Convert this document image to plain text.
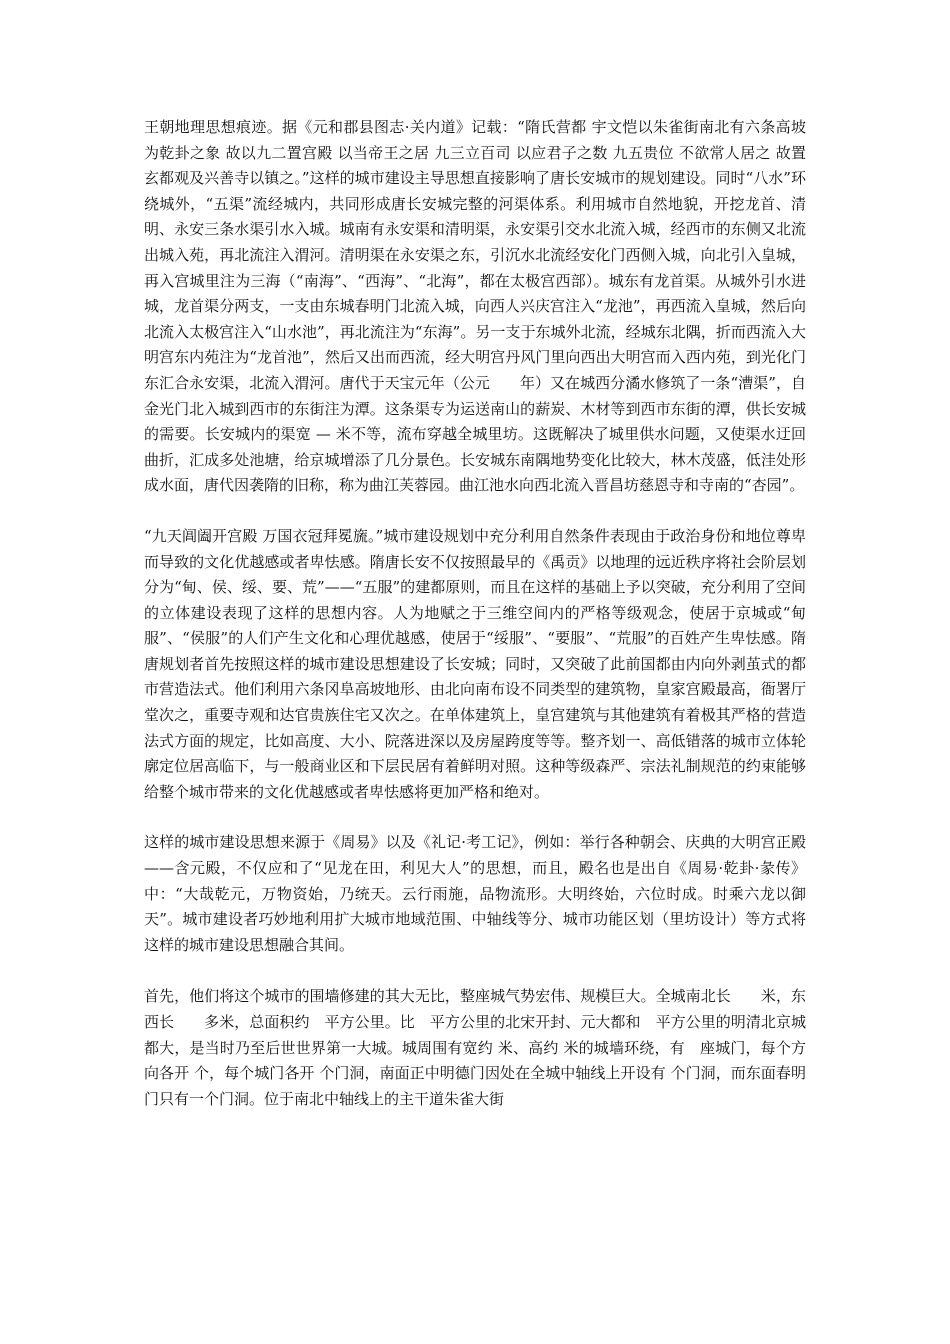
王朝地理思想痕迹。据《元和郡县图志·关内道》记载：“隋氏营都 宇文恺以朱雀街南北有六条高坡 为乾卦之象 故以九二置宫殿 以当帝王之居 九三立百司 以应君子之数 九五贵位 不欲常人居之 故置玄都观及兴善寺以镇之。”这样的城市建设主导思想直接影响了唐长安城市的规划建设。同时“八水”环绕城外，“五渠”流经城内，共同形成唐长安城完整的河渠体系。利用城市自然地貌，开挖龙首、清明、永安三条水渠引水入城。城南有永安渠和清明渠，永安渠引交水北流入城，经西市的东侧又北流出城入苑，再北流注入渭河。清明渠在永安渠之东，引沉水北流经安化门西侧入城，向北引入皇城，再入宫城里注为三海（“南海”、“西海”、“北海”，都在太极宫西部）。城东有龙首渠。从城外引水进城，龙首渠分两支，一支由东城春明门北流入城，向西人兴庆宫注入“龙池”，再西流入皇城，然后向北流入太极宫注入“山水池”，再北流注为“东海”。另一支于东城外北流，经城东北隅，折而西流入大明宫东内苑注为“龙首池”，然后又出而西流，经大明宫丹风门里向西出大明宫而入西内苑，到光化门东汇合永安渠，北流入渭河。唐代于天宝元年（公元　　年）又在城西分潏水修筑了一条“漕渠”，自金光门北入城到西市的东街注为潭。这条渠专为运送南山的薪炭、木材等到西市东街的潭，供长安城的需要。长安城内的渠宽 — 米不等，流布穿越全城里坊。这既解决了城里供水问题，又使渠水迂回曲折，汇成多处池塘，给京城增添了几分景色。长安城东南隅地势变化比较大，林木茂盛，低洼处形成水面，唐代因袭隋的旧称，称为曲江芙蓉园。曲江池水向西北流入晋昌坊慈恩寺和寺南的“杏园”。

“九天阊阖开宫殿 万国衣冠拜冕旒。”城市建设规划中充分利用自然条件表现由于政治身份和地位尊卑而导致的文化优越感或者卑怯感。隋唐长安不仅按照最早的《禹贡》以地理的远近秩序将社会阶层划分为“甸、侯、绥、要、荒”——“五服”的建都原则，而且在这样的基础上予以突破，充分利用了空间的立体建设表现了这样的思想内容。人为地赋之于三维空间内的严格等级观念，使居于京城或“甸服”、“侯服”的人们产生文化和心理优越感，使居于“绥服”、“要服”、“荒服”的百姓产生卑怯感。隋唐规划者首先按照这样的城市建设思想建设了长安城；同时，又突破了此前国都由内向外剥茧式的都市营造法式。他们利用六条冈阜高坡地形、由北向南布设不同类型的建筑物，皇家宫殿最高，衙署厅堂次之，重要寺观和达官贵族住宅又次之。在单体建筑上，皇宫建筑与其他建筑有着极其严格的营造法式方面的规定，比如高度、大小、院落进深以及房屋跨度等等。整齐划一、高低错落的城市立体轮廓定位居高临下，与一般商业区和下层民居有着鲜明对照。这种等级森严、宗法礼制规范的约束能够给整个城市带来的文化优越感或者卑怯感将更加严格和绝对。

这样的城市建设思想来源于《周易》以及《礼记·考工记》，例如：举行各种朝会、庆典的大明宫正殿——含元殿，不仅应和了“见龙在田，利见大人”的思想，而且，殿名也是出自《周易·乾卦·彖传》中：“大哉乾元，万物资始，乃统天。云行雨施，品物流形。大明终始，六位时成。时乘六龙以御天”。城市建设者巧妙地利用扩大城市地域范围、中轴线等分、城市功能区划（里坊设计）等方式将这样的城市建设思想融合其间。

首先，他们将这个城市的围墙修建的其大无比，整座城气势宏伟、规模巨大。全城南北长　　米，东西长　　多米，总面积约　平方公里。比　平方公里的北宋开封、元大都和　平方公里的明清北京城都大，是当时乃至后世世界第一大城。城周围有宽约 米、高约 米的城墙环绕，有　座城门，每个方向各开 个，每个城门各开 个门洞，南面正中明德门因处在全城中轴线上开设有 个门洞，而东面春明门只有一个门洞。位于南北中轴线上的主干道朱雀大街
